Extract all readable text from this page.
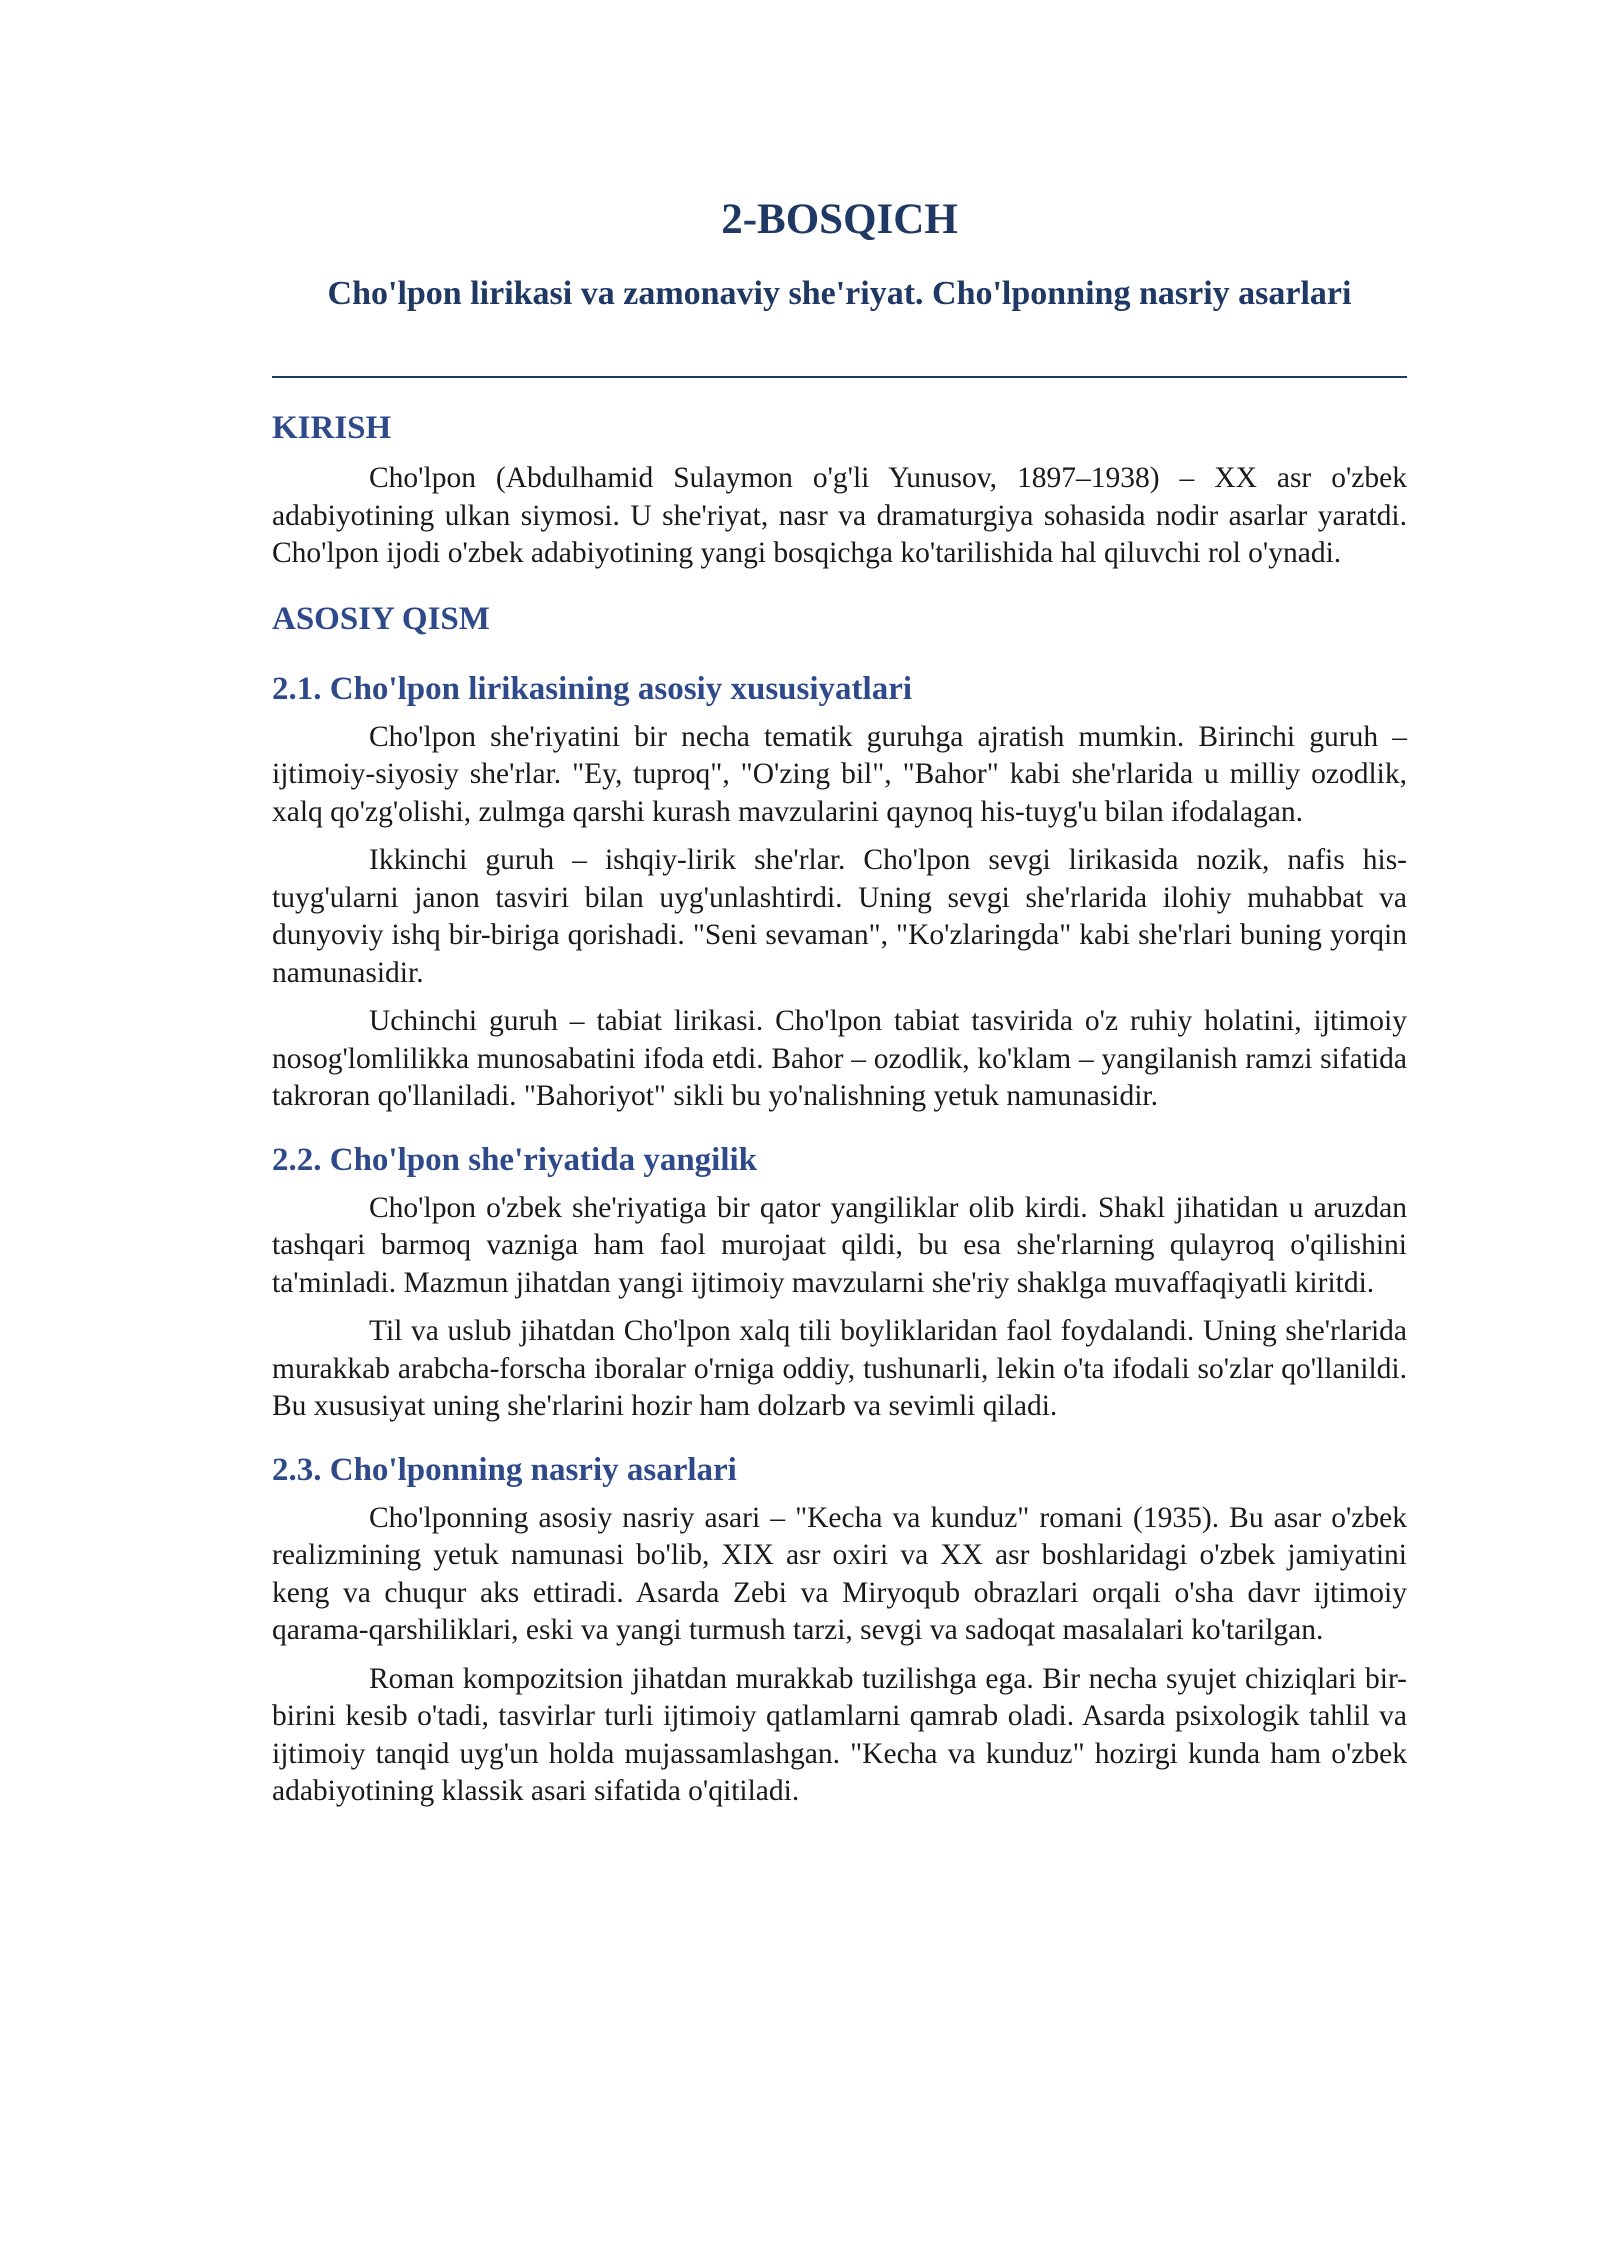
2-BOSQICH
Cho'lpon lirikasi va zamonaviy she'riyat. Cho'lponning nasriy asarlari
KIRISH

Cho'lpon (Abdulhamid Sulaymon o'g'li Yunusov, 1897–1938) – XX asr o'zbek adabiyotining ulkan siymosi. U she'riyat, nasr va dramaturgiya sohasida nodir asarlar yaratdi. Cho'lpon ijodi o'zbek adabiyotining yangi bosqichga ko'tarilishida hal qiluvchi rol o'ynadi.

ASOSIY QISM
2.1. Cho'lpon lirikasining asosiy xususiyatlari

Cho'lpon she'riyatini bir necha tematik guruhga ajratish mumkin. Birinchi guruh – ijtimoiy-siyosiy she'rlar. "Ey, tuproq", "O'zing bil", "Bahor" kabi she'rlarida u milliy ozodlik, xalq qo'zg'olishi, zulmga qarshi kurash mavzularini qaynoq his-tuyg'u bilan ifodalagan.

Ikkinchi guruh – ishqiy-lirik she'rlar. Cho'lpon sevgi lirikasida nozik, nafis his-tuyg'ularni janon tasviri bilan uyg'unlashtirdi. Uning sevgi she'rlarida ilohiy muhabbat va dunyoviy ishq bir-biriga qorishadi. "Seni sevaman", "Ko'zlaringda" kabi she'rlari buning yorqin namunasidir.

Uchinchi guruh – tabiat lirikasi. Cho'lpon tabiat tasvirida o'z ruhiy holatini, ijtimoiy nosog'lomlilikka munosabatini ifoda etdi. Bahor – ozodlik, ko'klam – yangilanish ramzi sifatida takroran qo'llaniladi. "Bahoriyot" sikli bu yo'nalishning yetuk namunasidir.

2.2. Cho'lpon she'riyatida yangilik

Cho'lpon o'zbek she'riyatiga bir qator yangiliklar olib kirdi. Shakl jihatidan u aruzdan tashqari barmoq vazniga ham faol murojaat qildi, bu esa she'rlarning qulayroq o'qilishini ta'minladi. Mazmun jihatdan yangi ijtimoiy mavzularni she'riy shaklga muvaffaqiyatli kiritdi.

Til va uslub jihatdan Cho'lpon xalq tili boyliklaridan faol foydalandi. Uning she'rlarida murakkab arabcha-forscha iboralar o'rniga oddiy, tushunarli, lekin o'ta ifodali so'zlar qo'llanildi. Bu xususiyat uning she'rlarini hozir ham dolzarb va sevimli qiladi.

2.3. Cho'lponning nasriy asarlari

Cho'lponning asosiy nasriy asari – "Kecha va kunduz" romani (1935). Bu asar o'zbek realizmining yetuk namunasi bo'lib, XIX asr oxiri va XX asr boshlaridagi o'zbek jamiyatini keng va chuqur aks ettiradi. Asarda Zebi va Miryoqub obrazlari orqali o'sha davr ijtimoiy qarama-qarshiliklari, eski va yangi turmush tarzi, sevgi va sadoqat masalalari ko'tarilgan.

Roman kompozitsion jihatdan murakkab tuzilishga ega. Bir necha syujet chiziqlari bir-birini kesib o'tadi, tasvirlar turli ijtimoiy qatlamlarni qamrab oladi. Asarda psixologik tahlil va ijtimoiy tanqid uyg'un holda mujassamlashgan. "Kecha va kunduz" hozirgi kunda ham o'zbek adabiyotining klassik asari sifatida o'qitiladi.
